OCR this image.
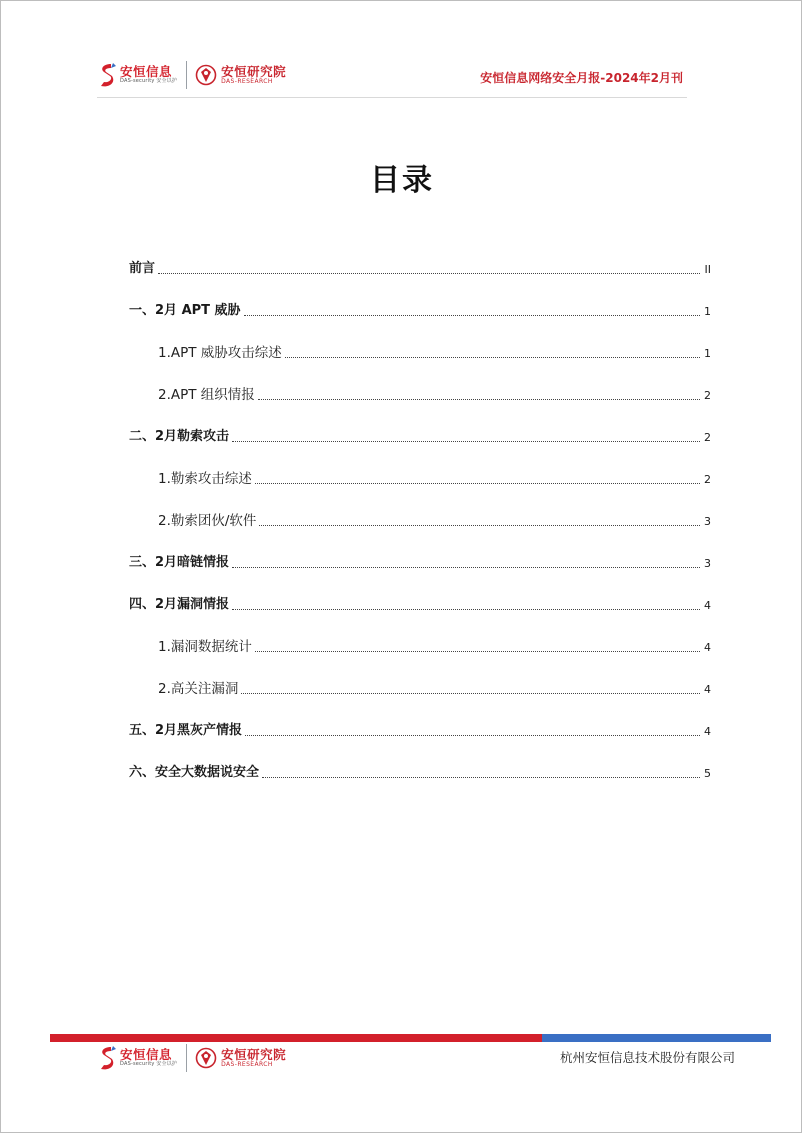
安恒信息
DAS-security 安全以护
安恒研究院
DAS-RESEARCH	安恒信息网络安全月报-2024年2月刊
目录
前言	II
一、2月 APT 威胁	1
1.APT 威胁攻击综述	1
2.APT 组织情报	2
二、2月勒索攻击	2
1.勒索攻击综述	2
2.勒索团伙/软件	3
三、2月暗链情报	3
四、2月漏洞情报	4
1.漏洞数据统计	4
2.高关注漏洞	4
五、2月黑灰产情报	4
六、安全大数据说安全	5
安恒信息
DAS-security 安全以护
安恒研究院
DAS-RESEARCH	杭州安恒信息技术股份有限公司
